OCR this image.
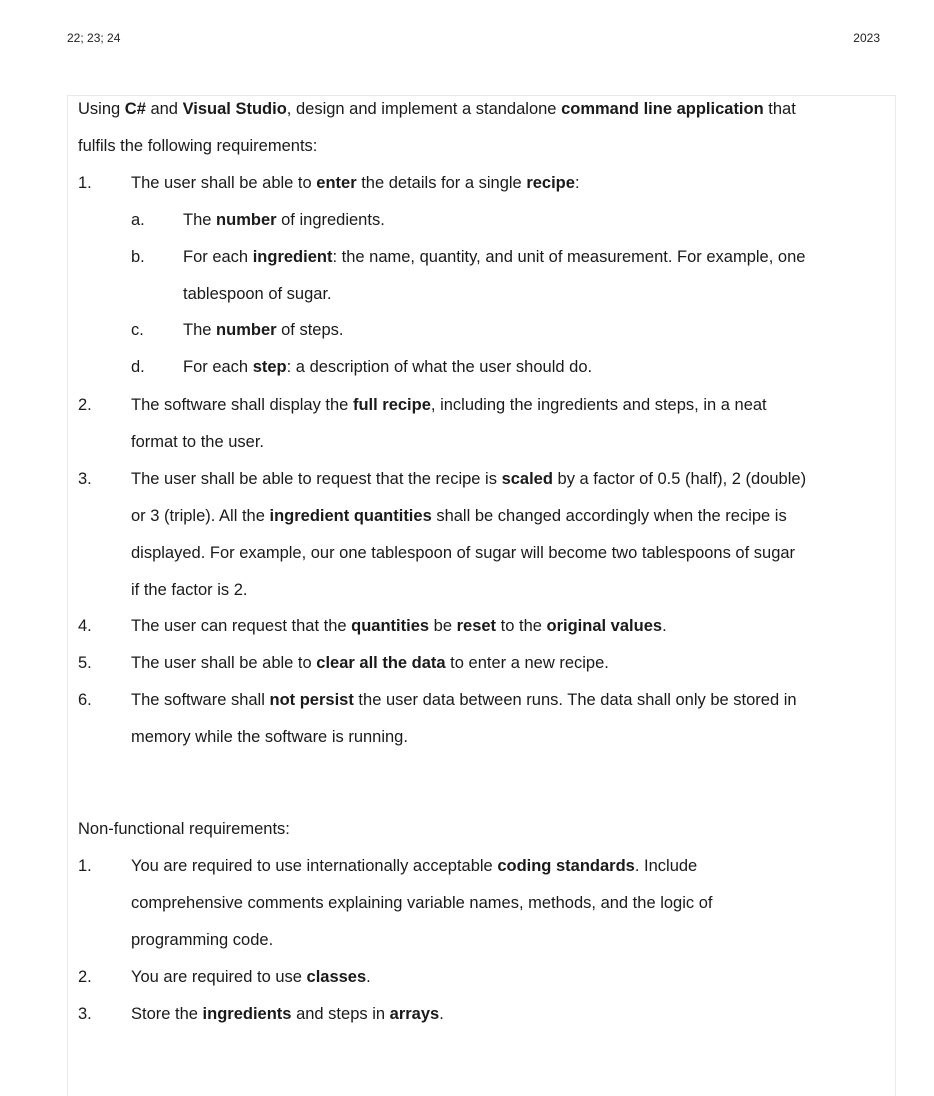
22; 23; 24	2023
Using C# and Visual Studio, design and implement a standalone command line application that
fulfils the following requirements:
1. The user shall be able to enter the details for a single recipe:
a. The number of ingredients.
b. For each ingredient: the name, quantity, and unit of measurement. For example, one
tablespoon of sugar.
c. The number of steps.
d. For each step: a description of what the user should do.
2. The software shall display the full recipe, including the ingredients and steps, in a neat
format to the user.
3. The user shall be able to request that the recipe is scaled by a factor of 0.5 (half), 2 (double)
or 3 (triple). All the ingredient quantities shall be changed accordingly when the recipe is
displayed. For example, our one tablespoon of sugar will become two tablespoons of sugar
if the factor is 2.
4. The user can request that the quantities be reset to the original values.
5. The user shall be able to clear all the data to enter a new recipe.
6. The software shall not persist the user data between runs. The data shall only be stored in
memory while the software is running.
Non-functional requirements:
1. You are required to use internationally acceptable coding standards. Include
comprehensive comments explaining variable names, methods, and the logic of
programming code.
2. You are required to use classes.
3. Store the ingredients and steps in arrays.
